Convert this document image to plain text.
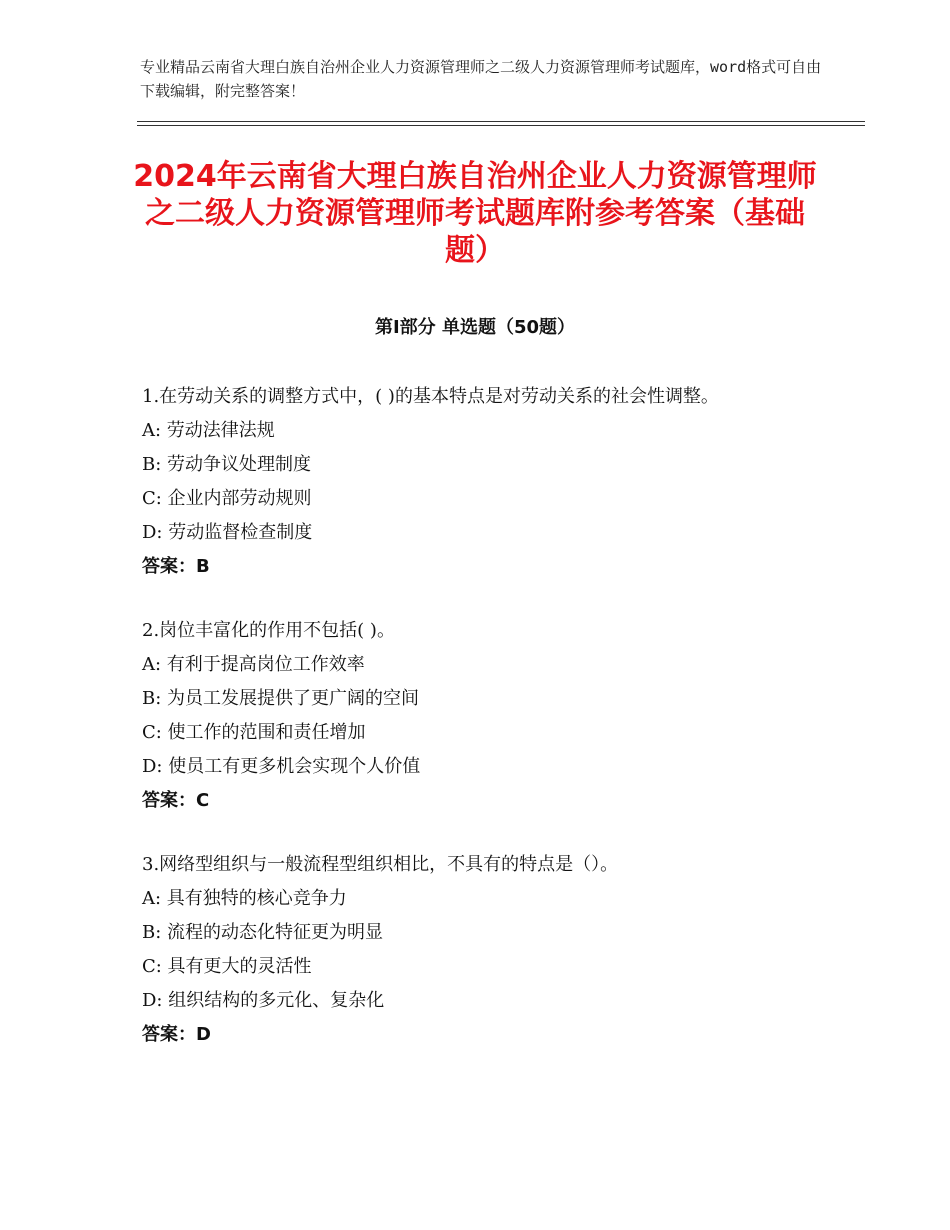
专业精品云南省大理白族自治州企业人力资源管理师之二级人力资源管理师考试题库，word格式可自由下载编辑，附完整答案！
2024年云南省大理白族自治州企业人力资源管理师之二级人力资源管理师考试题库附参考答案（基础题）
第Ⅰ部分 单选题（50题）

1.在劳动关系的调整方式中，( )的基本特点是对劳动关系的社会性调整。

A: 劳动法律法规

B: 劳动争议处理制度

C: 企业内部劳动规则

D: 劳动监督检查制度

答案：B

2.岗位丰富化的作用不包括( )。

A: 有利于提高岗位工作效率

B: 为员工发展提供了更广阔的空间

C: 使工作的范围和责任增加

D: 使员工有更多机会实现个人价值

答案：C

3.网络型组织与一般流程型组织相比，不具有的特点是（）。

A: 具有独特的核心竞争力

B: 流程的动态化特征更为明显

C: 具有更大的灵活性

D: 组织结构的多元化、复杂化

答案：D
